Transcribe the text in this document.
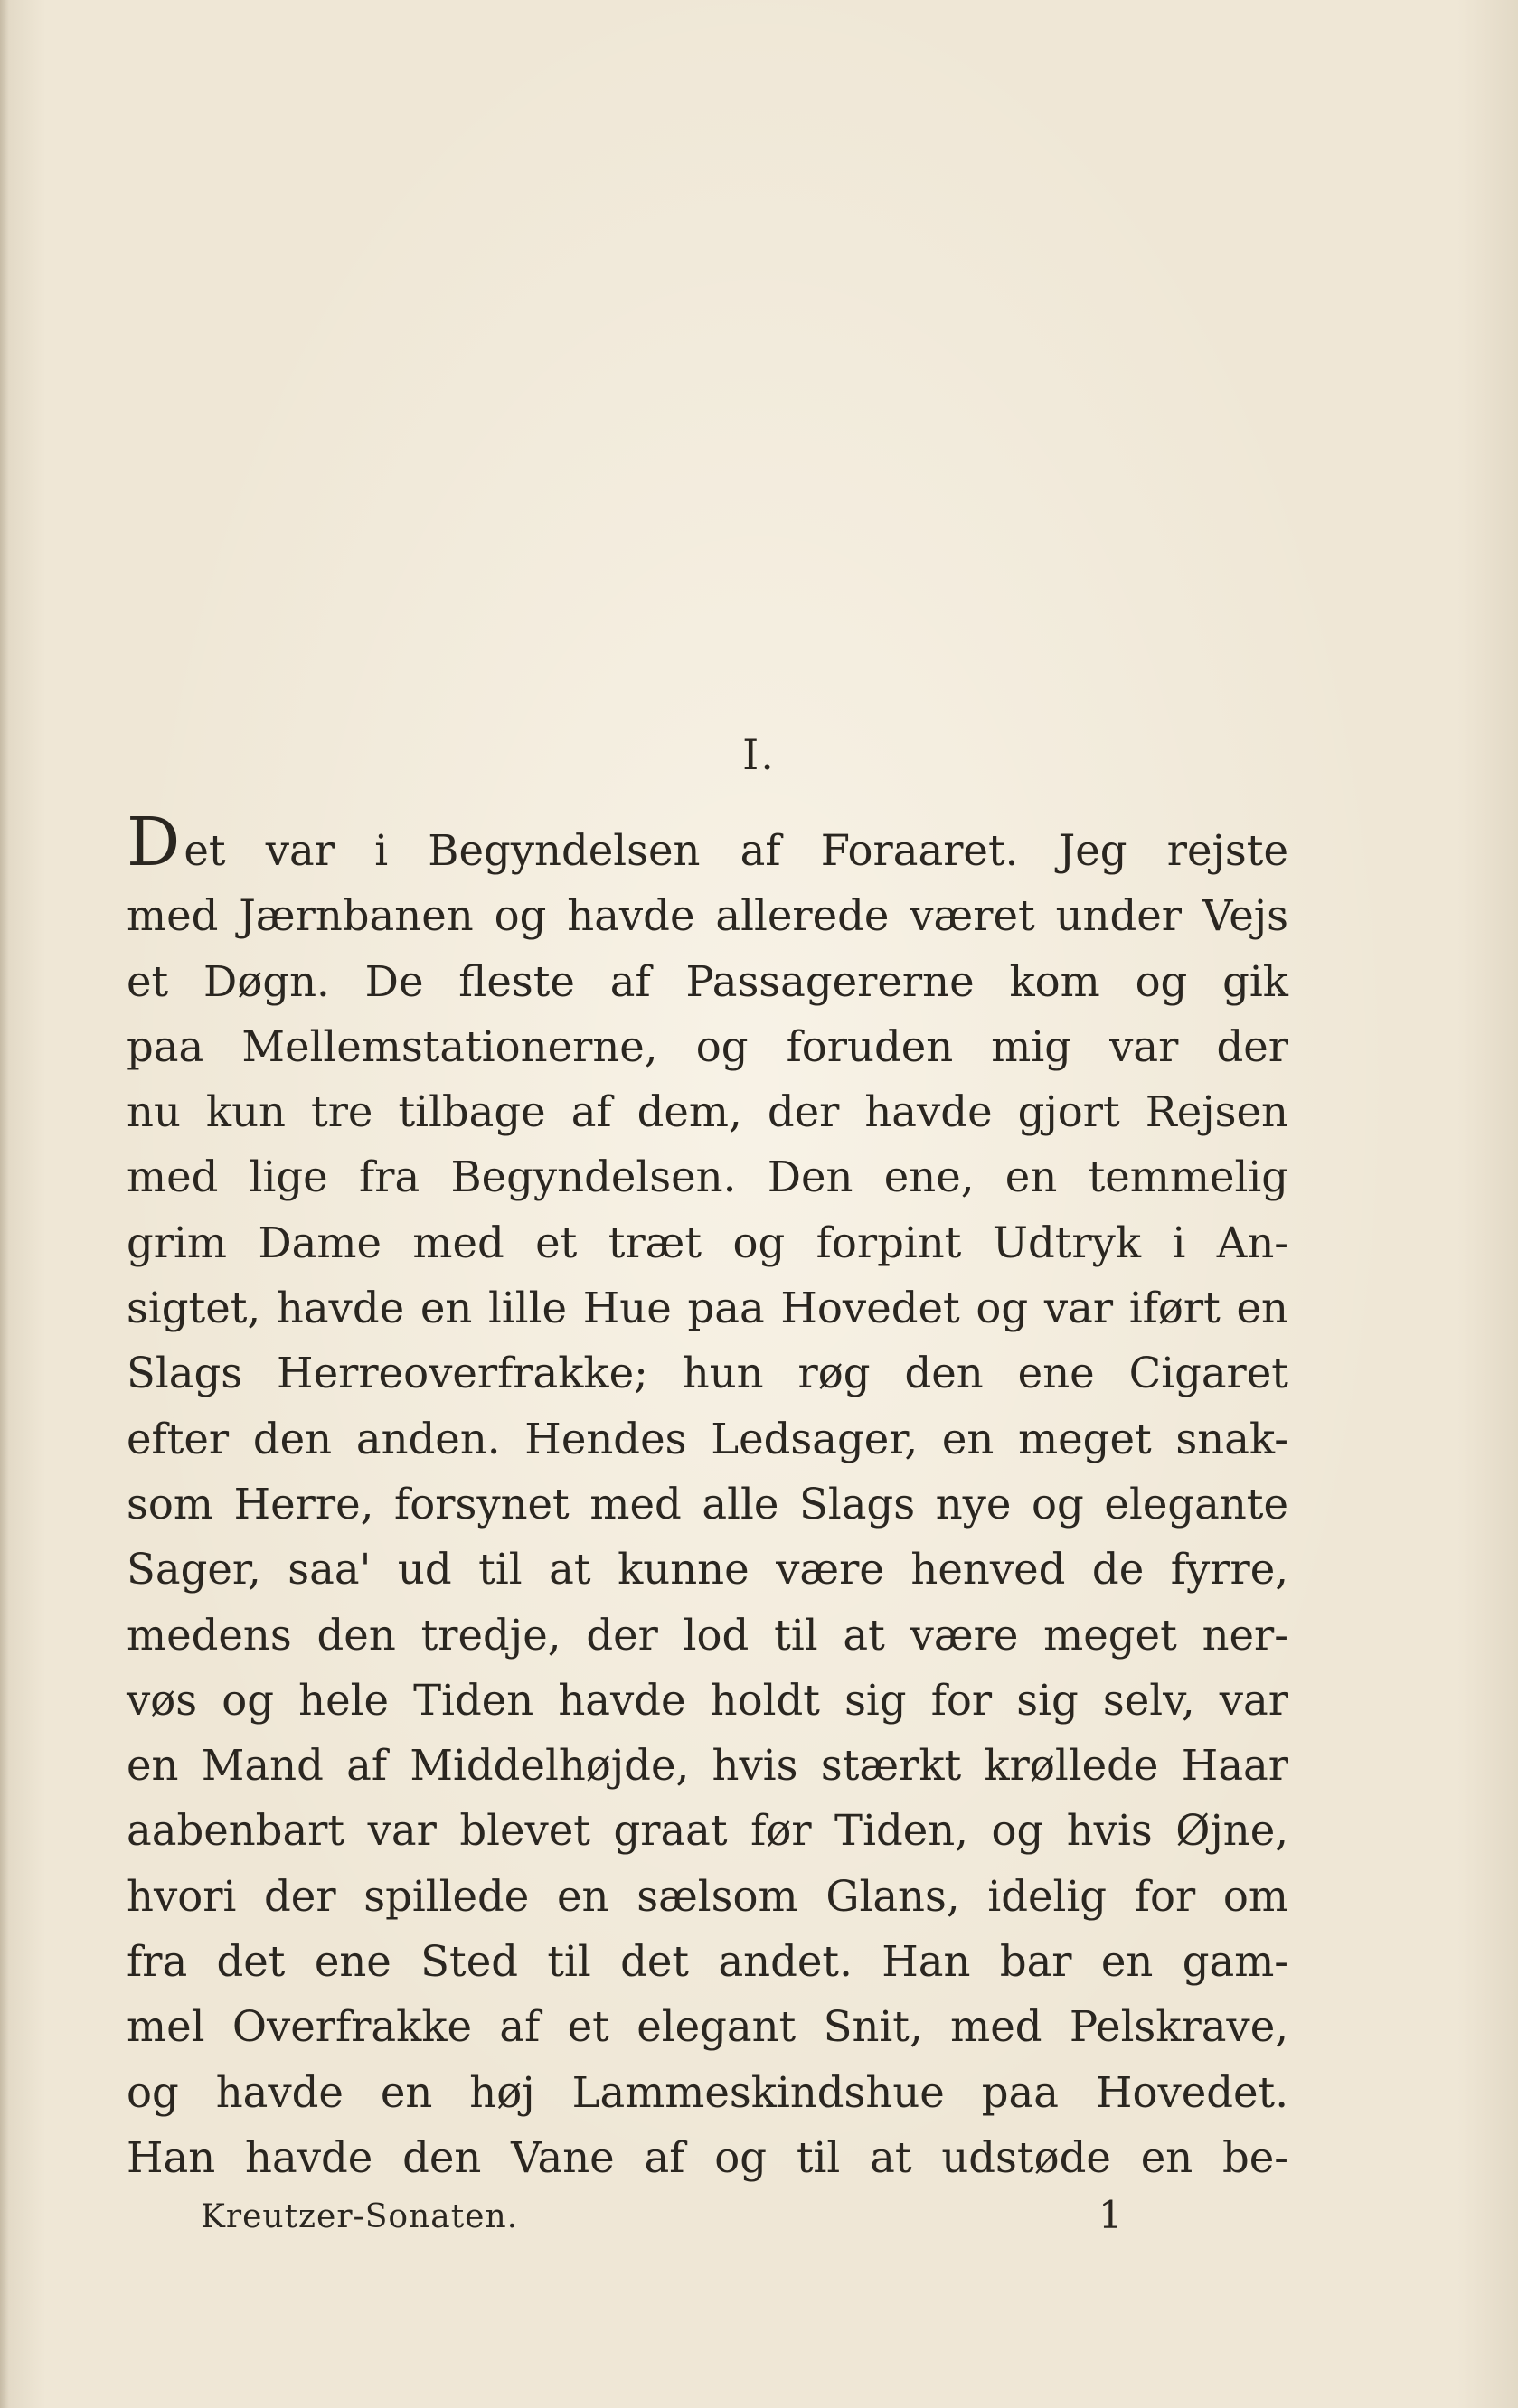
I.
Det var i Begyndelsen af Foraaret. Jeg rejste
med Jærnbanen og havde allerede været under Vejs
et Døgn. De fleste af Passagererne kom og gik
paa Mellemstationerne, og foruden mig var der
nu kun tre tilbage af dem, der havde gjort Rejsen
med lige fra Begyndelsen. Den ene, en temmelig
grim Dame med et træt og forpint Udtryk i An-
sigtet, havde en lille Hue paa Hovedet og var iført en
Slags Herreoverfrakke; hun røg den ene Cigaret
efter den anden. Hendes Ledsager, en meget snak-
som Herre, forsynet med alle Slags nye og elegante
Sager, saa' ud til at kunne være henved de fyrre,
medens den tredje, der lod til at være meget ner-
vøs og hele Tiden havde holdt sig for sig selv, var
en Mand af Middelhøjde, hvis stærkt krøllede Haar
aabenbart var blevet graat før Tiden, og hvis Øjne,
hvori der spillede en sælsom Glans, idelig for om
fra det ene Sted til det andet. Han bar en gam-
mel Overfrakke af et elegant Snit, med Pelskrave,
og havde en høj Lammeskindshue paa Hovedet.
Han havde den Vane af og til at udstøde en be-
Kreutzer-Sonaten.	1
